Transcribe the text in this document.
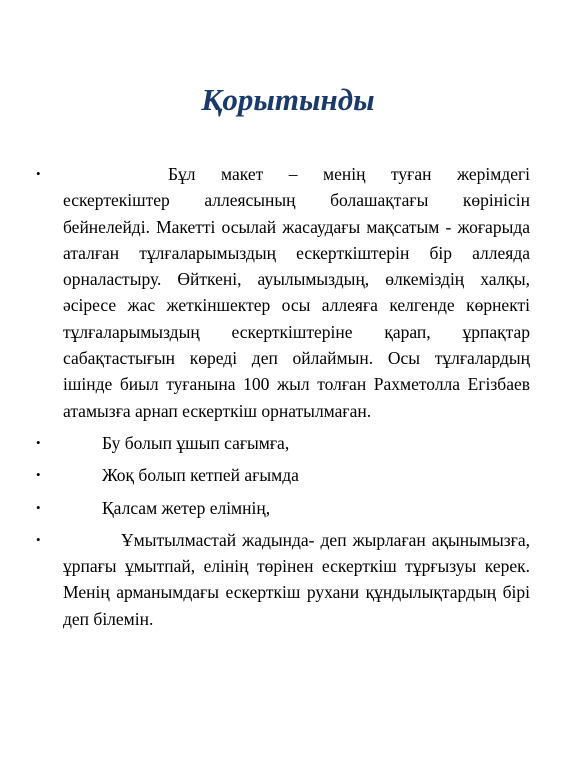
Қорытынды
•	Бұл макет – менің туған жерімдегі ескертекіштер аллеясының болашақтағы көрінісін бейнелейді. Макетті осылай жасаудағы мақсатым - жоғарыда аталған тұлғаларымыздың ескерткіштерін бір аллеяда орналастыру. Өйткені, ауылымыздың, өлкеміздің халқы, әсіресе жас жеткіншектер осы аллеяға келгенде көрнекті тұлғаларымыздың ескерткіштеріне қарап, ұрпақтар сабақтастығын көреді деп ойлаймын. Осы тұлғалардың ішінде биыл туғанына 100 жыл толған Рахметолла Егізбаев атамызға арнап ескерткіш орнатылмаған.
•	Бу болып ұшып сағымға,
•	Жоқ болып кетпей ағымда
•	Қалсам жетер елімнің,
•	Ұмытылмастай жадында- деп жырлаған ақынымызға, ұрпағы ұмытпай, елінің төрінен ескерткіш тұрғызуы керек. Менің арманымдағы ескерткіш рухани құндылықтардың бірі деп білемін.
